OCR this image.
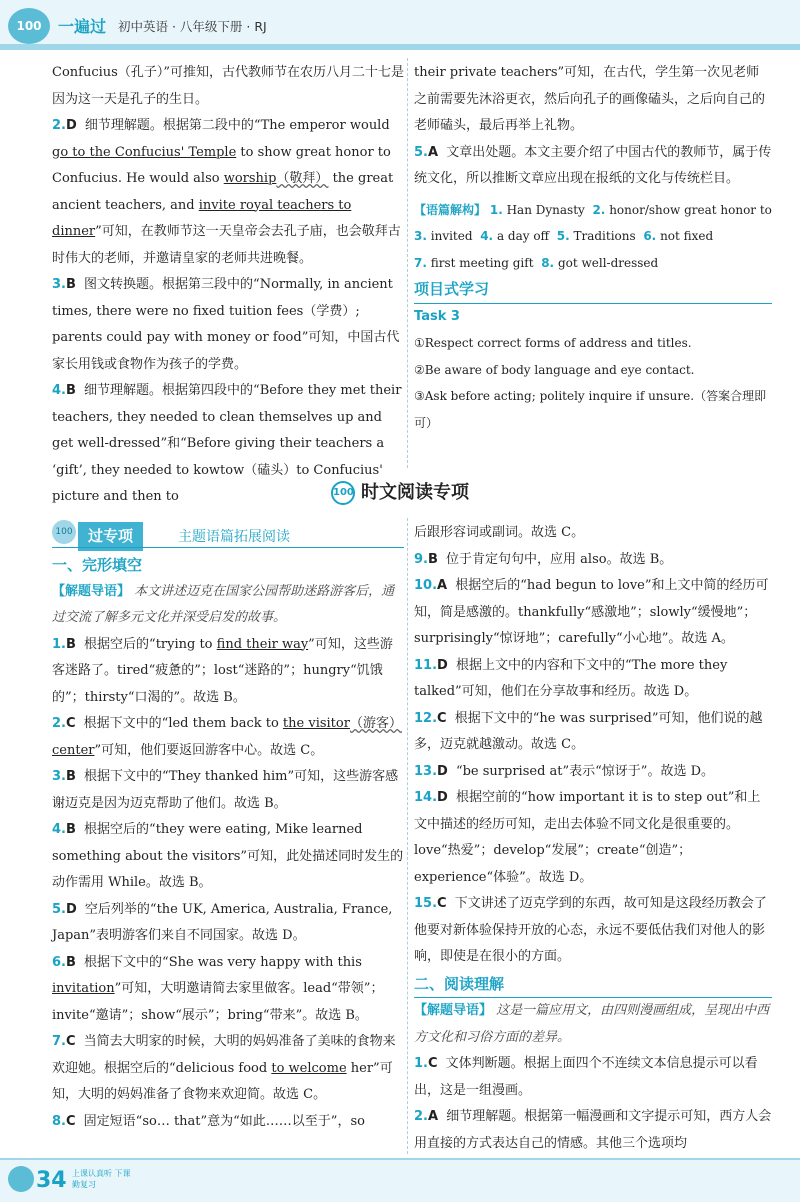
100	一遍过 初中英语 · 八年级下册 · RJ

Confucius（孔子）”可推知，古代教师节在农历八月二十七是因为这一天是孔子的生日。

2.D 细节理解题。根据第二段中的“The emperor would go to the Confucius' Temple to show great honor to Confucius. He would also worship（敬拜） the great ancient teachers, and invite royal teachers to dinner”可知，在教师节这一天皇帝会去孔子庙，也会敬拜古时伟大的老师，并邀请皇家的老师共进晚餐。

3.B 图文转换题。根据第三段中的“Normally, in ancient times, there were no fixed tuition fees（学费）; parents could pay with money or food”可知，中国古代家长用钱或食物作为孩子的学费。

4.B 细节理解题。根据第四段中的“Before they met their teachers, they needed to clean themselves up and get well-dressed”和“Before giving their teachers a ‘gift’, they needed to kowtow（磕头）to Confucius' picture and then to

their private teachers”可知，在古代，学生第一次见老师之前需要先沐浴更衣，然后向孔子的画像磕头，之后向自己的老师磕头，最后再举上礼物。

5.A 文章出处题。本文主要介绍了中国古代的教师节，属于传统文化，所以推断文章应出现在报纸的文化与传统栏目。

【语篇解构】 1. Han Dynasty 2. honor/show great honor to

3. invited 4. a day off 5. Traditions 6. not fixed

7. first meeting gift 8. got well-dressed

项目式学习

Task 3

①Respect correct forms of address and titles.

②Be aware of body language and eye contact.

③Ask before acting; politely inquire if unsure.（答案合理即可）

100 时文阅读专项
100	过专项	主题语篇拓展阅读

一、完形填空

【解题导语】 本文讲述迈克在国家公园帮助迷路游客后，通过交流了解多元文化并深受启发的故事。

1.B 根据空后的“trying to find their way”可知，这些游客迷路了。tired“疲惫的”；lost“迷路的”；hungry“饥饿的”；thirsty“口渴的”。故选 B。

2.C 根据下文中的“led them back to the visitor（游客） center”可知，他们要返回游客中心。故选 C。

3.B 根据下文中的“They thanked him”可知，这些游客感谢迈克是因为迈克帮助了他们。故选 B。

4.B 根据空后的“they were eating, Mike learned something about the visitors”可知，此处描述同时发生的动作需用 While。故选 B。

5.D 空后列举的“the UK, America, Australia, France, Japan”表明游客们来自不同国家。故选 D。

6.B 根据下文中的“She was very happy with this invitation”可知，大明邀请简去家里做客。lead“带领”；invite“邀请”；show“展示”；bring“带来”。故选 B。

7.C 当简去大明家的时候，大明的妈妈准备了美味的食物来欢迎她。根据空后的“delicious food to welcome her”可知，大明的妈妈准备了食物来欢迎简。故选 C。

8.C 固定短语“so… that”意为“如此……以至于”，so

后跟形容词或副词。故选 C。

9.B 位于肯定句句中，应用 also。故选 B。

10.A 根据空后的“had begun to love”和上文中简的经历可知，简是感激的。thankfully“感激地”；slowly“缓慢地”；surprisingly“惊讶地”；carefully“小心地”。故选 A。

11.D 根据上文中的内容和下文中的“The more they talked”可知，他们在分享故事和经历。故选 D。

12.C 根据下文中的“he was surprised”可知，他们说的越多，迈克就越激动。故选 C。

13.D “be surprised at”表示“惊讶于”。故选 D。

14.D 根据空前的“how important it is to step out”和上文中描述的经历可知，走出去体验不同文化是很重要的。love“热爱”；develop“发展”；create“创造”；experience“体验”。故选 D。

15.C 下文讲述了迈克学到的东西，故可知是这段经历教会了他要对新体验保持开放的心态，永远不要低估我们对他人的影响，即使是在很小的方面。

二、阅读理解

【解题导语】 这是一篇应用文，由四则漫画组成，呈现出中西方文化和习俗方面的差异。

1.C 文体判断题。根据上面四个不连续文本信息提示可以看出，这是一组漫画。

2.A 细节理解题。根据第一幅漫画和文字提示可知，西方人会用直接的方式表达自己的情感。其他三个选项均

34 上课认真听 下课勤复习
